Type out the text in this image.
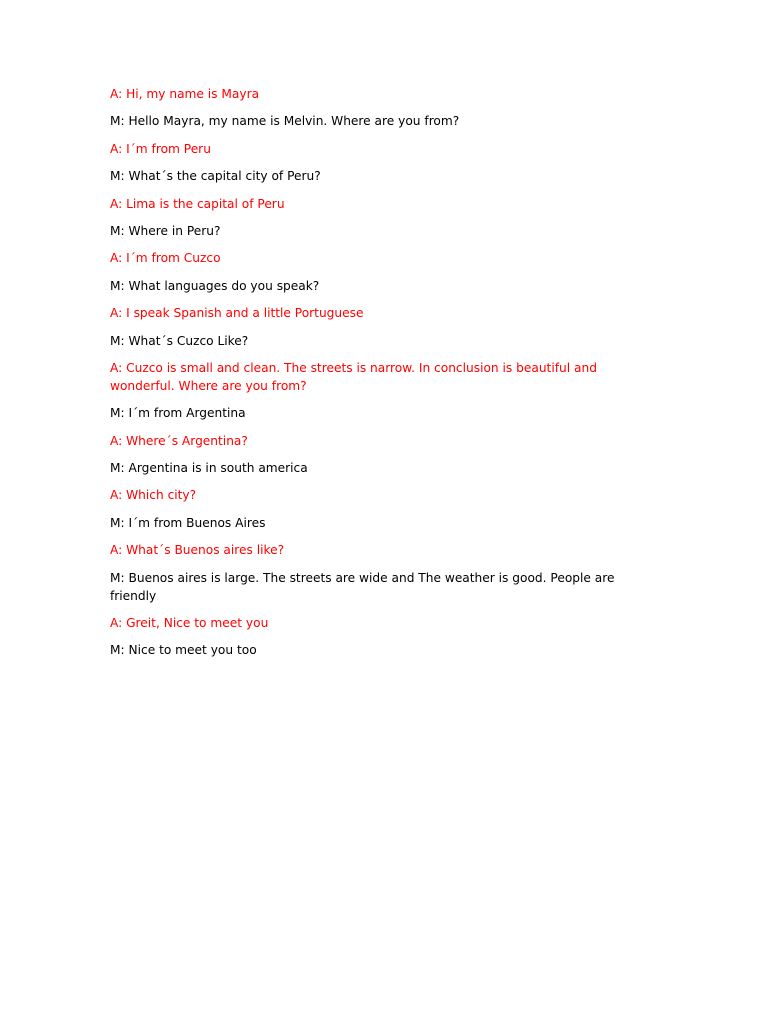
A: Hi, my name is Mayra

M: Hello Mayra, my name is Melvin. Where are you from?

A: I´m from Peru

M: What´s the capital city of Peru?

A: Lima is the capital of Peru

M: Where in Peru?

A: I´m from Cuzco

M: What languages do you speak?

A: I speak Spanish and a little Portuguese

M: What´s Cuzco Like?

A: Cuzco is small and clean. The streets is narrow. In conclusion is beautiful and wonderful. Where are you from?

M: I´m from Argentina

A: Where´s Argentina?

M: Argentina is in south america

A: Which city?

M: I´m from Buenos Aires

A: What´s Buenos aires like?

M: Buenos aires is large. The streets are wide and The weather is good. People are friendly

A: Greit, Nice to meet you

M: Nice to meet you too
